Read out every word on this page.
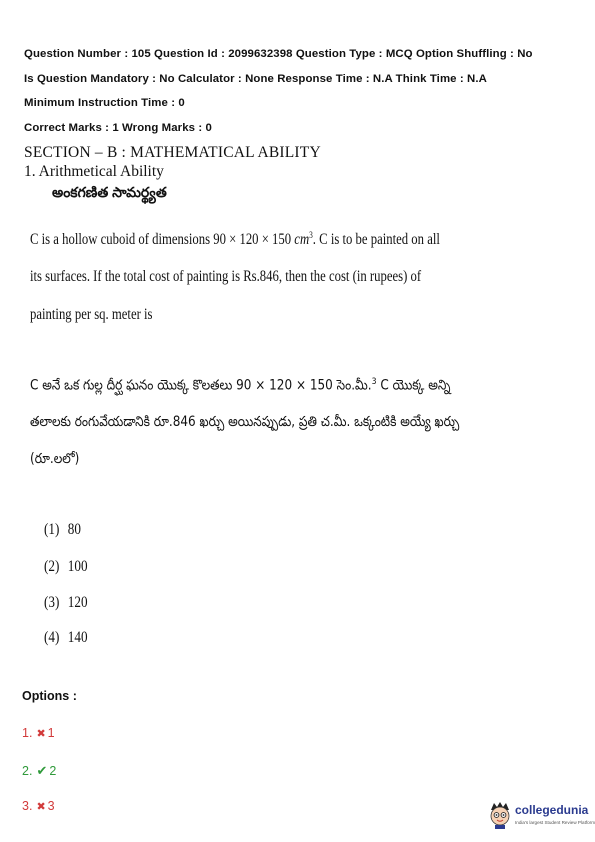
Question Number : 105 Question Id : 2099632398 Question Type : MCQ Option Shuffling : No
Is Question Mandatory : No Calculator : None Response Time : N.A Think Time : N.A
Minimum Instruction Time : 0
Correct Marks : 1 Wrong Marks : 0
SECTION – B : MATHEMATICAL ABILITY
1. Arithmetical Ability
అంకగణిత సామర్థ్యత
C is a hollow cuboid of dimensions 90 × 120 × 150 $cm^3$. C is to be painted on all
its surfaces. If the total cost of painting is Rs.846, then the cost (in rupees) of
painting per sq. meter is
C అనే ఒక గుల్ల దీర్ఘ ఘనం యొక్క కొలతలు 90 × 120 × 150 సెం.మీ.$^3$ C యొక్క అన్ని
తలాలకు రంగువేయడానికి రూ.846 ఖర్చు అయినప్పుడు, ప్రతి చ.మీ. ఒక్కంటికి అయ్యే ఖర్చు
(రూ.లలో)
(1) 80
(2) 100
(3) 120
(4) 140
Options :
1. ✖ 1
2. ✔ 2
3. ✖ 3	collegedunia
India's largest Student Review Platform
